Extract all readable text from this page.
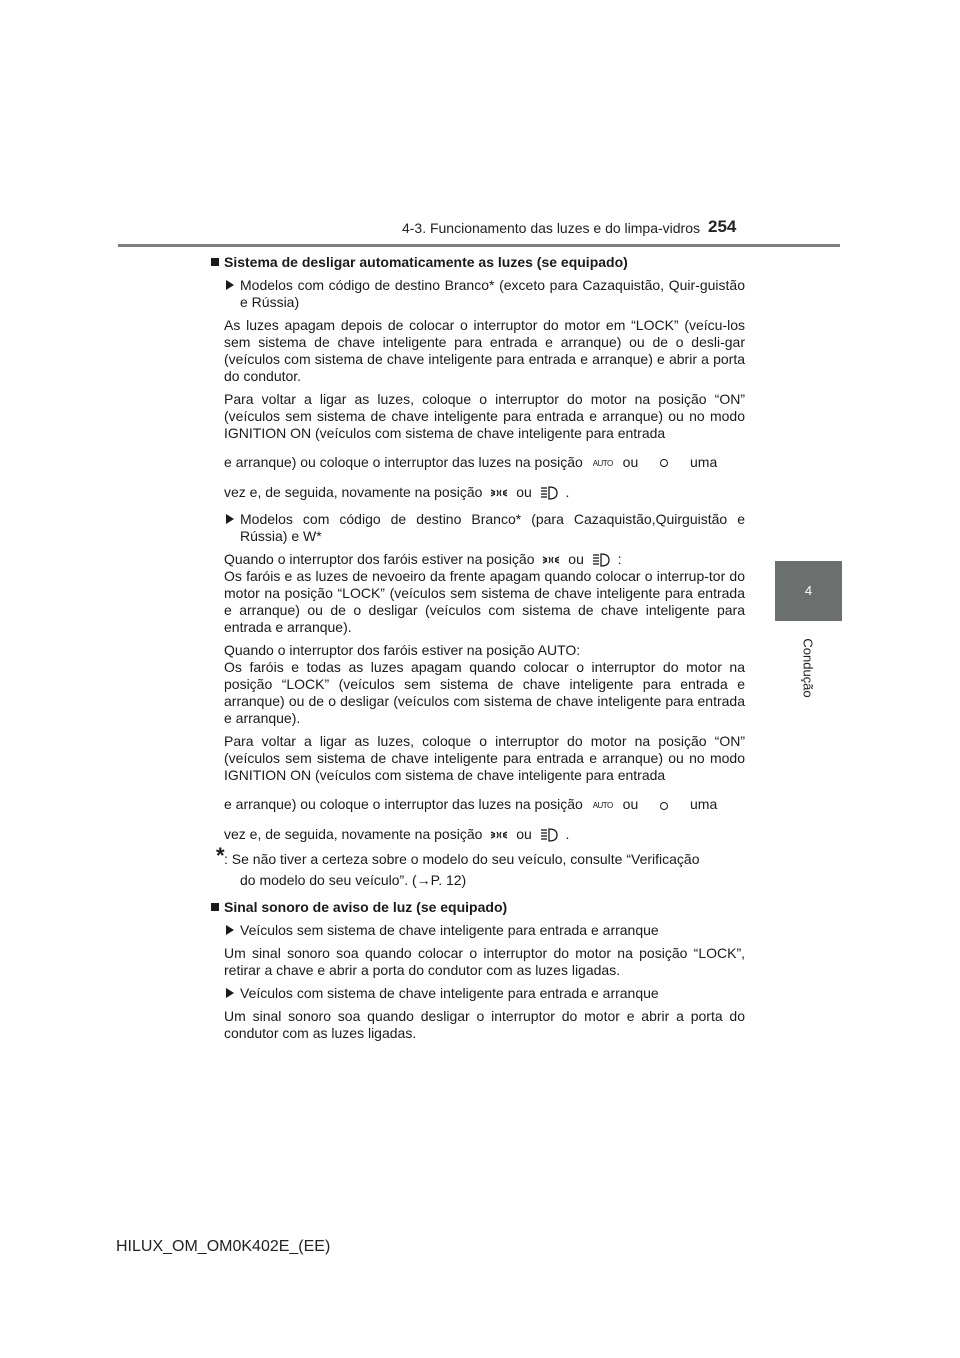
4-3. Funcionamento das luzes e do limpa-vidros 254
4
Condução
Sistema de desligar automaticamente as luzes (se equipado)
Modelos com código de destino Branco* (exceto para Cazaquistão, Quir-guistão e Rússia)

As luzes apagam depois de colocar o interruptor do motor em “LOCK” (veícu-los sem sistema de chave inteligente para entrada e arranque) ou de o desli-gar (veículos com sistema de chave inteligente para entrada e arranque) e abrir a porta do condutor.

Para voltar a ligar as luzes, coloque o interruptor do motor na posição “ON” (veículos sem sistema de chave inteligente para entrada e arranque) ou no modo IGNITION ON (veículos com sistema de chave inteligente para entrada

e arranque) ou coloque o interruptor das luzes na posição AUTO ou	uma
vez e, de seguida, novamente na posição ou .
Modelos com código de destino Branco* (para Cazaquistão,Quirguistão e Rússia) e W*
Quando o interruptor dos faróis estiver na posição ou :

Os faróis e as luzes de nevoeiro da frente apagam quando colocar o interrup-tor do motor na posição “LOCK” (veículos sem sistema de chave inteligente para entrada e arranque) ou de o desligar (veículos com sistema de chave inteligente para entrada e arranque).

Quando o interruptor dos faróis estiver na posição AUTO:

Os faróis e todas as luzes apagam quando colocar o interruptor do motor na posição “LOCK” (veículos sem sistema de chave inteligente para entrada e arranque) ou de o desligar (veículos com sistema de chave inteligente para entrada e arranque).

Para voltar a ligar as luzes, coloque o interruptor do motor na posição “ON” (veículos sem sistema de chave inteligente para entrada e arranque) ou no modo IGNITION ON (veículos com sistema de chave inteligente para entrada

e arranque) ou coloque o interruptor das luzes na posição AUTO ou	uma
vez e, de seguida, novamente na posição ou .
* : Se não tiver a certeza sobre o modelo do seu veículo, consulte “Verificação
do modelo do seu veículo”. (→P. 12)
Sinal sonoro de aviso de luz (se equipado)
Veículos sem sistema de chave inteligente para entrada e arranque

Um sinal sonoro soa quando colocar o interruptor do motor na posição “LOCK”, retirar a chave e abrir a porta do condutor com as luzes ligadas.

Veículos com sistema de chave inteligente para entrada e arranque

Um sinal sonoro soa quando desligar o interruptor do motor e abrir a porta do condutor com as luzes ligadas.

HILUX_OM_OM0K402E_(EE)
